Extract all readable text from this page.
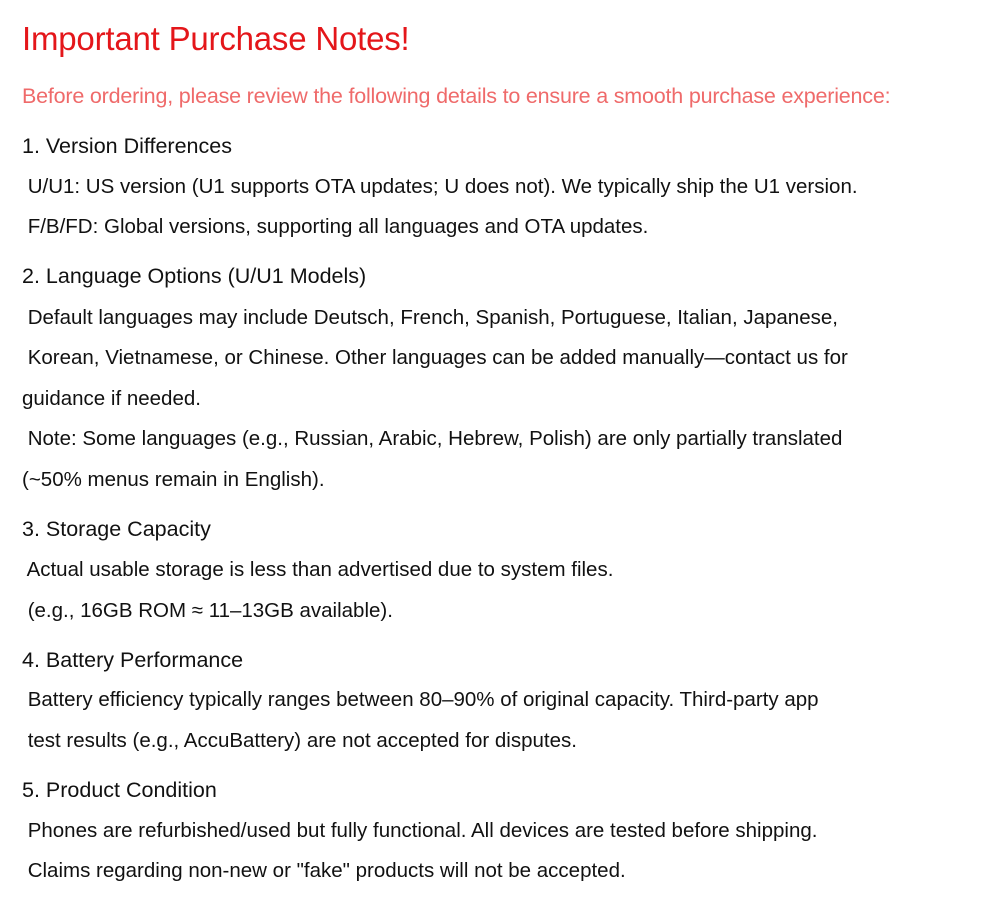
Important Purchase Notes!

Before ordering, please review the following details to ensure a smooth purchase experience:

1. Version Differences

U/U1: US version (U1 supports OTA updates; U does not). We typically ship the U1 version.

F/B/FD: Global versions, supporting all languages and OTA updates.

2. Language Options (U/U1 Models)

Default languages may include Deutsch, French, Spanish, Portuguese, Italian, Japanese,

Korean, Vietnamese, or Chinese. Other languages can be added manually—contact us for

guidance if needed.

Note: Some languages (e.g., Russian, Arabic, Hebrew, Polish) are only partially translated

(~50% menus remain in English).

3. Storage Capacity

Actual usable storage is less than advertised due to system files.

(e.g., 16GB ROM ≈ 11–13GB available).

4. Battery Performance

Battery efficiency typically ranges between 80–90% of original capacity. Third-party app

test results (e.g., AccuBattery) are not accepted for disputes.

5. Product Condition

Phones are refurbished/used but fully functional. All devices are tested before shipping.

Claims regarding non-new or "fake" products will not be accepted.
